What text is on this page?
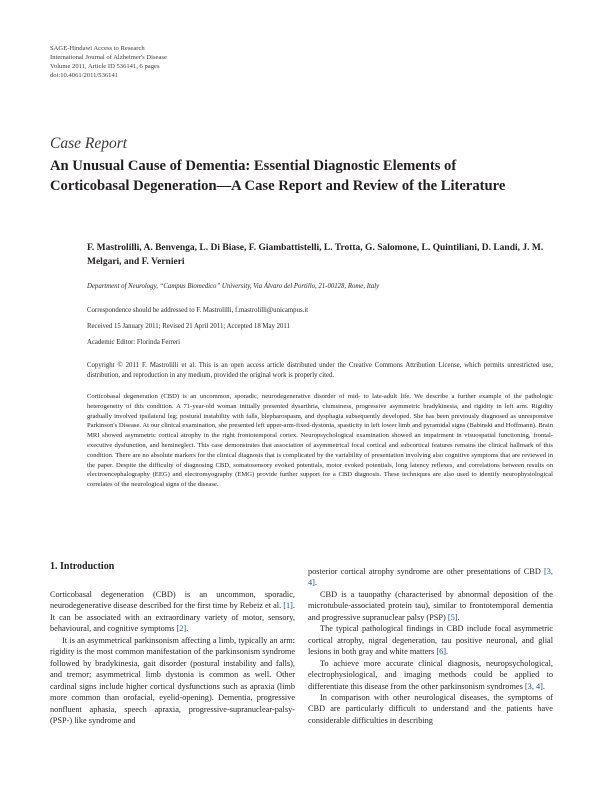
SAGE-Hindawi Access to Research
International Journal of Alzheimer's Disease
Volume 2011, Article ID 536141, 6 pages
doi:10.4061/2011/536141
Case Report
An Unusual Cause of Dementia: Essential Diagnostic Elements of Corticobasal Degeneration—A Case Report and Review of the Literature
F. Mastrolilli, A. Benvenga, L. Di Biase, F. Giambattistelli, L. Trotta, G. Salomone, L. Quintiliani, D. Landi, J. M. Melgari, and F. Vernieri
Department of Neurology, “Campus Biomedico” University, Via Álvaro del Portillo, 21-00128, Rome, Italy
Correspondence should be addressed to F. Mastrolilli, f.mastrolilli@unicampus.it
Received 15 January 2011; Revised 21 April 2011; Accepted 18 May 2011
Academic Editor: Florinda Ferreri
Copyright © 2011 F. Mastrolilli et al. This is an open access article distributed under the Creative Commons Attribution License, which permits unrestricted use, distribution, and reproduction in any medium, provided the original work is properly cited.
Corticobasal degeneration (CBD) is an uncommon, sporadic, neurodegenerative disorder of mid- to late-adult life. We describe a further example of the pathologic heterogeneity of this condition. A 71-year-old woman initially presented dysarthria, clumsiness, progressive asymmetric bradykinesia, and rigidity in left arm. Rigidity gradually involved ipsilateral leg; postural instability with falls, blepharospasm, and dysphagia subsequently developed. She has been previously diagnosed as unresponsive Parkinson's Disease. At our clinical examination, she presented left upper-arm-fixed-dystonia, spasticity in left lower limb and pyramidal signs (Babinski and Hoffmann). Brain MRI showed asymmetric cortical atrophy in the right frontotemporal cortex. Neuropsychological examination showed an impairment in visuospatial functioning, frontal-executive dysfunction, and hemineglect. This case demonstrates that association of asymmetrical focal cortical and subcortical features remains the clinical hallmark of this condition. There are no absolute markers for the clinical diagnosis that is complicated by the variability of presentation involving also cognitive symptoms that are reviewed in the paper. Despite the difficulty of diagnosing CBD, somatosensory evoked potentials, motor evoked potentials, long latency reflexes, and correlations between results on electroencephalography (EEG) and electromyography (EMG) provide further support for a CBD diagnosis. These techniques are also used to identify neurophysiological correlates of the neurological signs of the disease.
1. Introduction

Corticobasal degeneration (CBD) is an uncommon, sporadic, neurodegenerative disease described for the first time by Rebeiz et al. [1]. It can be associated with an extraordinary variety of motor, sensory, behavioural, and cognitive symptoms [2].

It is an asymmetrical parkinsonism affecting a limb, typically an arm: rigidity is the most common manifestation of the parkinsonism syndrome followed by bradykinesia, gait disorder (postural instability and falls), and tremor; asymmetrical limb dystonia is common as well. Other cardinal signs include higher cortical dysfunctions such as apraxia (limb more common than orofacial, eyelid-opening). Dementia, progressive nonfluent aphasia, speech apraxia, progressive-supranuclear-palsy- (PSP-) like syndrome and

posterior cortical atrophy syndrome are other presentations of CBD [3, 4].

CBD is a tauopathy (characterised by abnormal deposition of the microtubule-associated protein tau), similar to frontotemporal dementia and progressive supranuclear palsy (PSP) [5].

The typical pathological findings in CBD include focal asymmetric cortical atrophy, nigral degeneration, tau positive neuronal, and glial lesions in both gray and white matters [6].

To achieve more accurate clinical diagnosis, neuropsychological, electrophysiological, and imaging methods could be applied to differentiate this disease from the other parkinsonism syndromes [3, 4].

In comparison with other neurological diseases, the symptoms of CBD are particularly difficult to understand and the patients have considerable difficulties in describing
